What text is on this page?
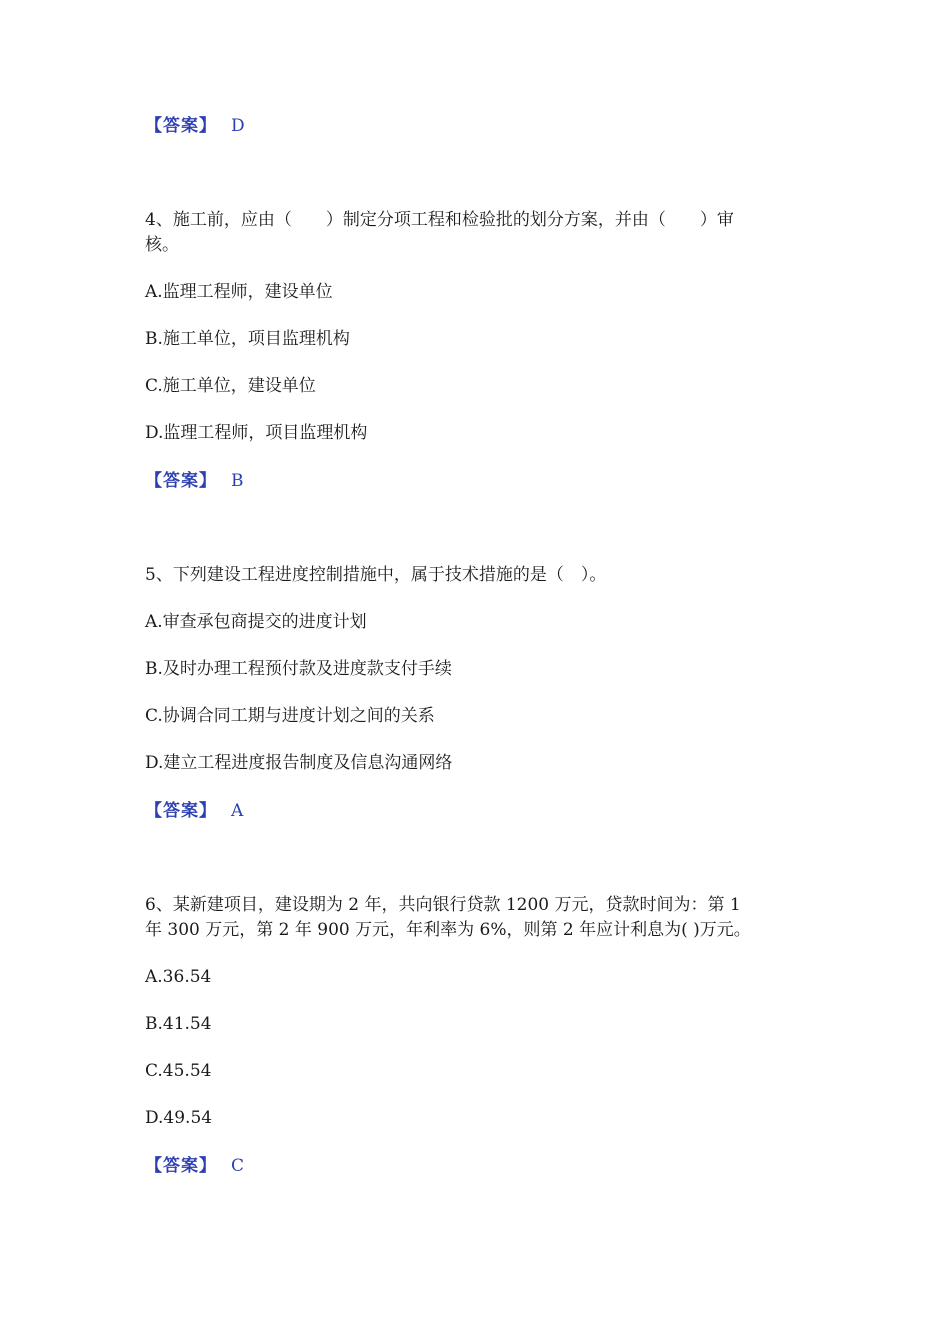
【答案】 D
4、施工前，应由（　　）制定分项工程和检验批的划分方案，并由（　　）审
核。
A.监理工程师，建设单位
B.施工单位，项目监理机构
C.施工单位，建设单位
D.监理工程师，项目监理机构
【答案】 B
5、下列建设工程进度控制措施中，属于技术措施的是（　）。
A.审查承包商提交的进度计划
B.及时办理工程预付款及进度款支付手续
C.协调合同工期与进度计划之间的关系
D.建立工程进度报告制度及信息沟通网络
【答案】 A
6、某新建项目，建设期为 2 年，共向银行贷款 1200 万元，贷款时间为：第 1
年 300 万元，第 2 年 900 万元，年利率为 6%，则第 2 年应计利息为( )万元。
A.36.54
B.41.54
C.45.54
D.49.54
【答案】 C
